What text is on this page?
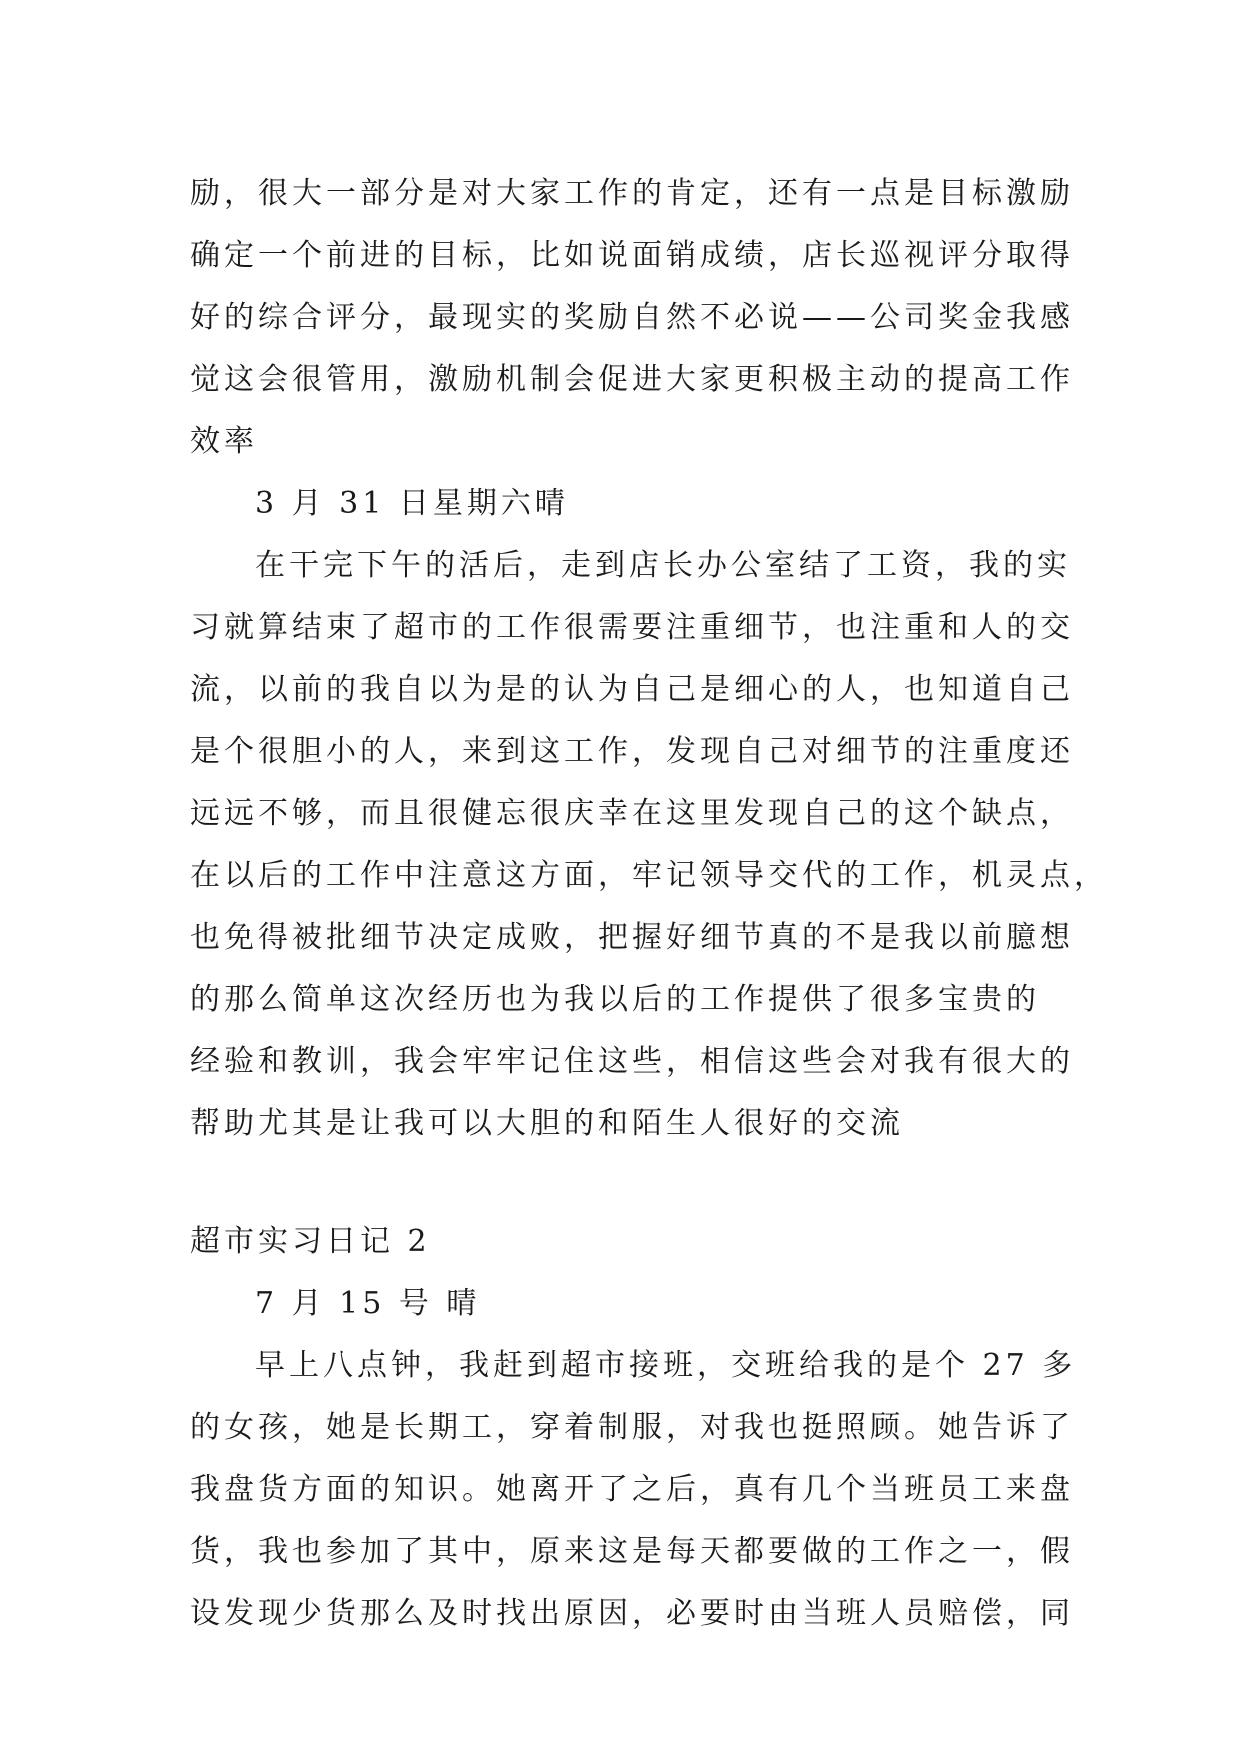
励，很大一部分是对大家工作的肯定，还有一点是目标激励
确定一个前进的目标，比如说面销成绩，店长巡视评分取得
好的综合评分，最现实的奖励自然不必说——公司奖金我感
觉这会很管用，激励机制会促进大家更积极主动的提高工作
效率
3 月 31 日星期六晴
在干完下午的活后，走到店长办公室结了工资，我的实
习就算结束了超市的工作很需要注重细节，也注重和人的交
流，以前的我自以为是的认为自己是细心的人，也知道自己
是个很胆小的人，来到这工作，发现自己对细节的注重度还
远远不够，而且很健忘很庆幸在这里发现自己的这个缺点，
在以后的工作中注意这方面，牢记领导交代的工作，机灵点，
也免得被批细节决定成败，把握好细节真的不是我以前臆想
的那么简单这次经历也为我以后的工作提供了很多宝贵的
经验和教训，我会牢牢记住这些，相信这些会对我有很大的
帮助尤其是让我可以大胆的和陌生人很好的交流
超市实习日记 2
7 月 15 号 晴
早上八点钟，我赶到超市接班，交班给我的是个 27 多
的女孩，她是长期工，穿着制服，对我也挺照顾。她告诉了
我盘货方面的知识。她离开了之后，真有几个当班员工来盘
货，我也参加了其中，原来这是每天都要做的工作之一，假
设发现少货那么及时找出原因，必要时由当班人员赔偿，同
